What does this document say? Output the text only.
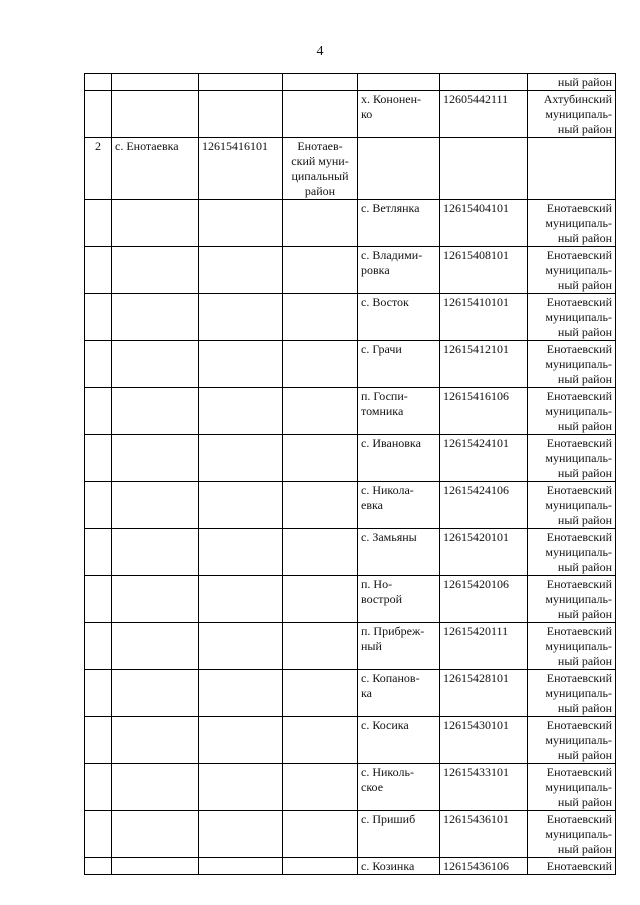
4
						ный район
				х. Кононен-
ко	12605442111	Ахтубинский
муниципаль-
ный район
2	с. Енотаевка	12615416101	Енотаев-
ский муни-
ципальный
район			
				с. Ветлянка	12615404101	Енотаевский
муниципаль-
ный район
				с. Владими-
ровка	12615408101	Енотаевский
муниципаль-
ный район
				с. Восток	12615410101	Енотаевский
муниципаль-
ный район
				с. Грачи	12615412101	Енотаевский
муниципаль-
ный район
				п. Госпи-
томника	12615416106	Енотаевский
муниципаль-
ный район
				с. Ивановка	12615424101	Енотаевский
муниципаль-
ный район
				с. Никола-
евка	12615424106	Енотаевский
муниципаль-
ный район
				с. Замьяны	12615420101	Енотаевский
муниципаль-
ный район
				п. Но-
вострой	12615420106	Енотаевский
муниципаль-
ный район
				п. Прибреж-
ный	12615420111	Енотаевский
муниципаль-
ный район
				с. Копанов-
ка	12615428101	Енотаевский
муниципаль-
ный район
				с. Косика	12615430101	Енотаевский
муниципаль-
ный район
				с. Николь-
ское	12615433101	Енотаевский
муниципаль-
ный район
				с. Пришиб	12615436101	Енотаевский
муниципаль-
ный район
				с. Козинка	12615436106	Енотаевский
